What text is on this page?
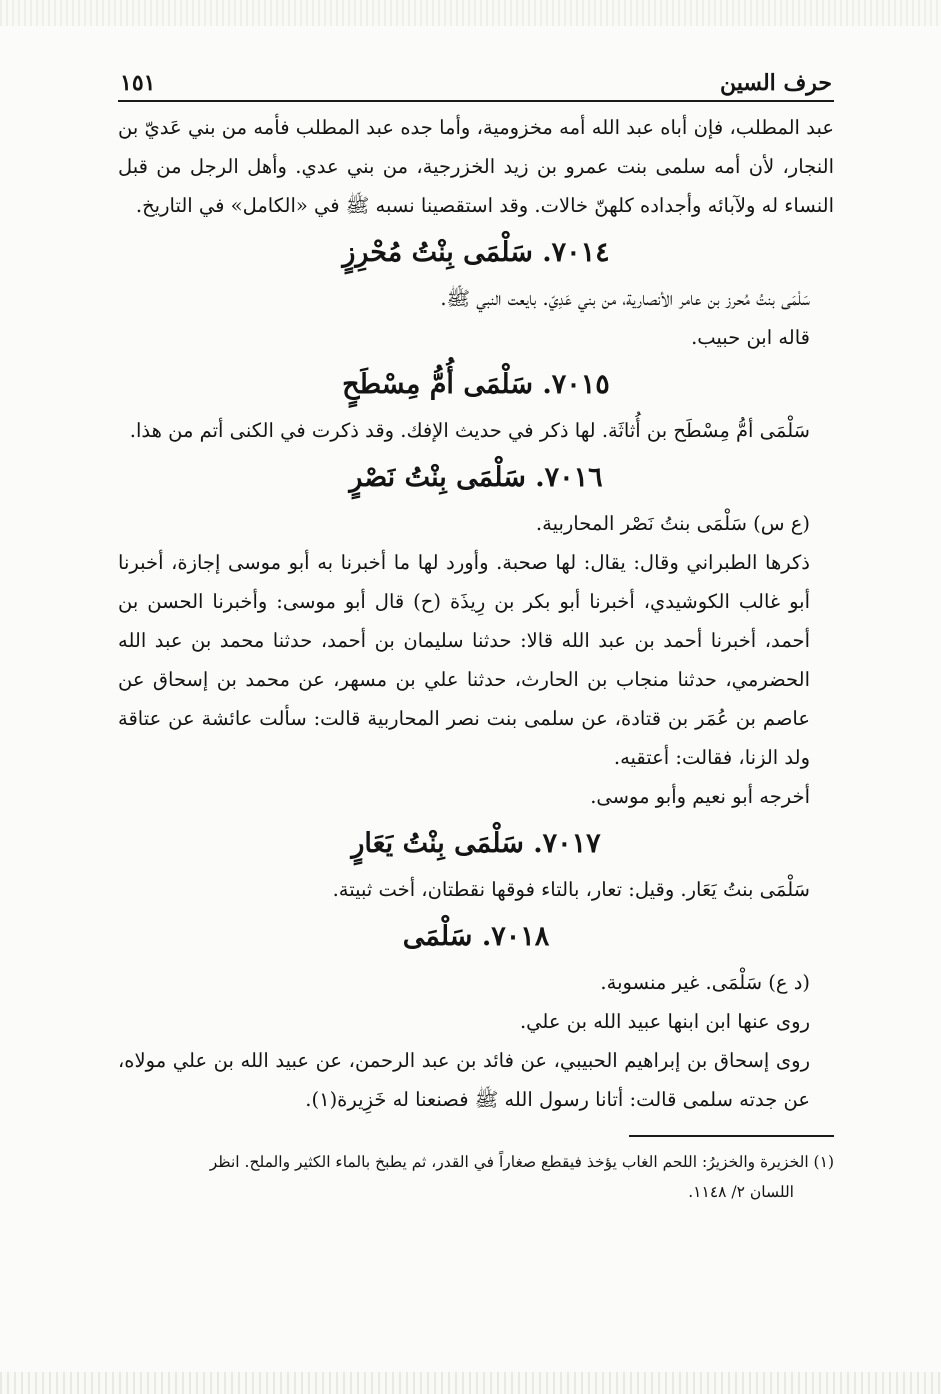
حرف السين
١٥١

عبد المطلب، فإن أباه عبد الله أمه مخزومية، وأما جده عبد المطلب فأمه من بني عَديّ بن النجار، لأن أمه سلمى بنت عمرو بن زيد الخزرجية، من بني عدي. وأهل الرجل من قبل النساء له ولآبائه وأجداده كلهنّ خالات. وقد استقصينا نسبه ﷺ في «الكامل» في التاريخ.

٧٠١٤. سَلْمَى بِنْتُ مُحْرِزٍ

سَلْمَى بنتُ مُحرز بن عامر الأنصارية، من بني عَدِيّ. بايعت النبي ﷺ.

قاله ابن حبيب.

٧٠١٥. سَلْمَى أُمُّ مِسْطَحٍ

سَلْمَى أمُّ مِسْطَح بن أُثاثَة. لها ذكر في حديث الإفك. وقد ذكرت في الكنى أتم من هذا.

٧٠١٦. سَلْمَى بِنْتُ نَصْرٍ

(ع س) سَلْمَى بنتُ نَصْر المحاربية.

ذكرها الطبراني وقال: يقال: لها صحبة. وأورد لها ما أخبرنا به أبو موسى إجازة، أخبرنا أبو غالب الكوشيدي، أخبرنا أبو بكر بن رِيذَة (ح) قال أبو موسى: وأخبرنا الحسن بن أحمد، أخبرنا أحمد بن عبد الله قالا: حدثنا سليمان بن أحمد، حدثنا محمد بن عبد الله الحضرمي، حدثنا منجاب بن الحارث، حدثنا علي بن مسهر، عن محمد بن إسحاق عن عاصم بن عُمَر بن قتادة، عن سلمى بنت نصر المحاربية قالت: سألت عائشة عن عتاقة ولد الزنا، فقالت: أعتقيه.

أخرجه أبو نعيم وأبو موسى.

٧٠١٧. سَلْمَى بِنْتُ يَعَارٍ

سَلْمَى بنتُ يَعَار. وقيل: تعار، بالتاء فوقها نقطتان، أخت ثبيتة.

٧٠١٨. سَلْمَى

(د ع) سَلْمَى. غير منسوبة.

روى عنها ابن ابنها عبيد الله بن علي.

روى إسحاق بن إبراهيم الحبيبي، عن فائد بن عبد الرحمن، عن عبيد الله بن علي مولاه، عن جدته سلمى قالت: أتانا رسول الله ﷺ فصنعنا له خَزِيرة(١).

(١) الخزيرة والخزيرُ: اللحم الغاب يؤخذ فيقطع صغاراً في القدر، ثم يطبخ بالماء الكثير والملح. انظر
اللسان ٢/ ١١٤٨.
